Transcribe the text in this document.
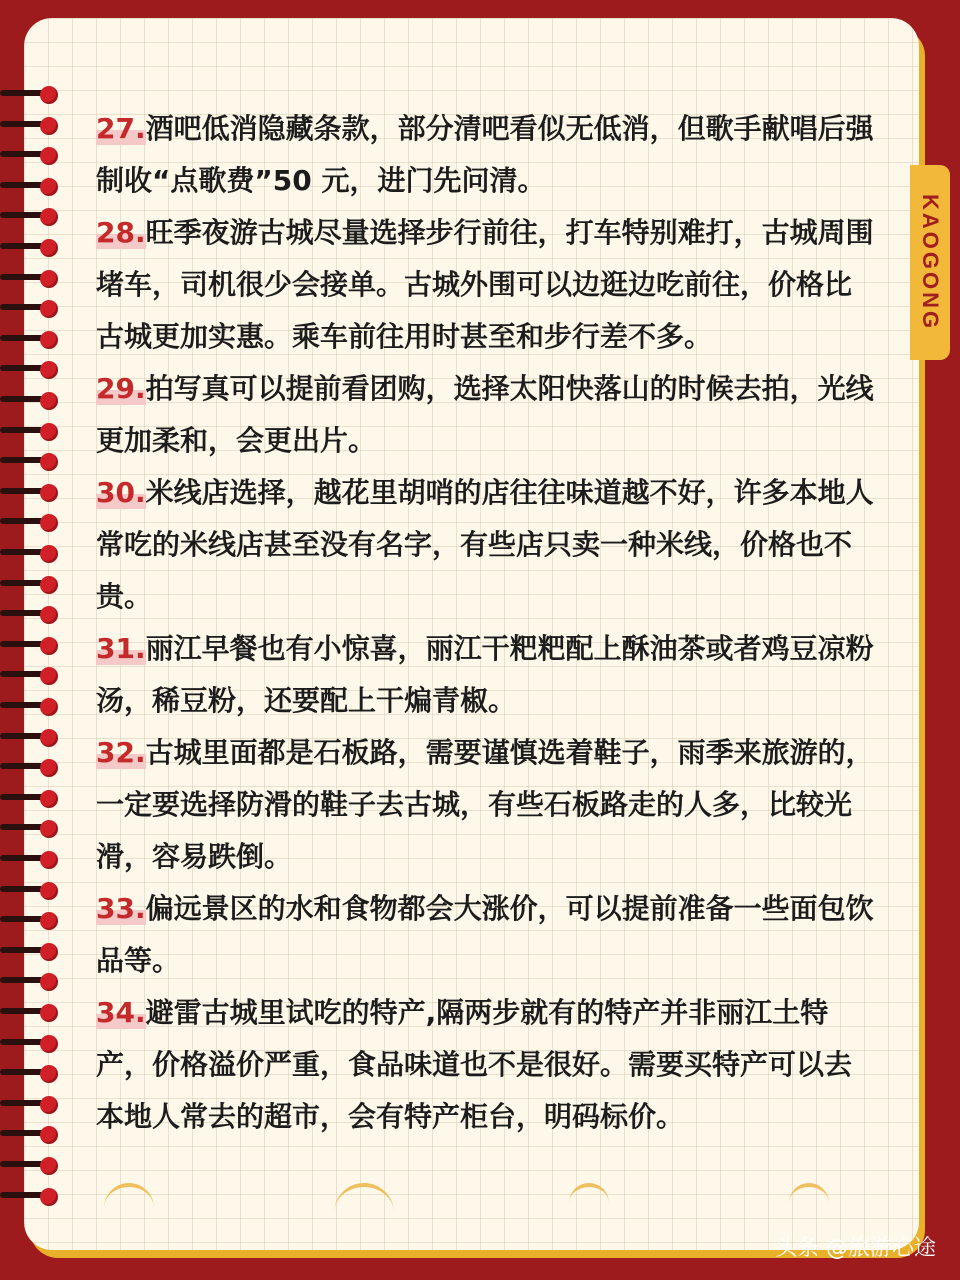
KAOGONG

27.酒吧低消隐藏条款，部分清吧看似无低消，但歌手献唱后强制收“点歌费”50 元，进门先问清。

28.旺季夜游古城尽量选择步行前往，打车特别难打，古城周围堵车，司机很少会接单。古城外围可以边逛边吃前往，价格比古城更加实惠。乘车前往用时甚至和步行差不多。

29.拍写真可以提前看团购，选择太阳快落山的时候去拍，光线更加柔和，会更出片。

30.米线店选择，越花里胡哨的店往往味道越不好，许多本地人常吃的米线店甚至没有名字，有些店只卖一种米线，价格也不贵。

31.丽江早餐也有小惊喜，丽江干粑粑配上酥油茶或者鸡豆凉粉汤，稀豆粉，还要配上干煸青椒。

32.古城里面都是石板路，需要谨慎选着鞋子，雨季来旅游的，一定要选择防滑的鞋子去古城，有些石板路走的人多，比较光滑，容易跌倒。

33.偏远景区的水和食物都会大涨价，可以提前准备一些面包饮品等。

34.避雷古城里试吃的特产,隔两步就有的特产并非丽江土特产，价格溢价严重，食品味道也不是很好。需要买特产可以去本地人常去的超市，会有特产柜台，明码标价。

头条 @旅游心途
